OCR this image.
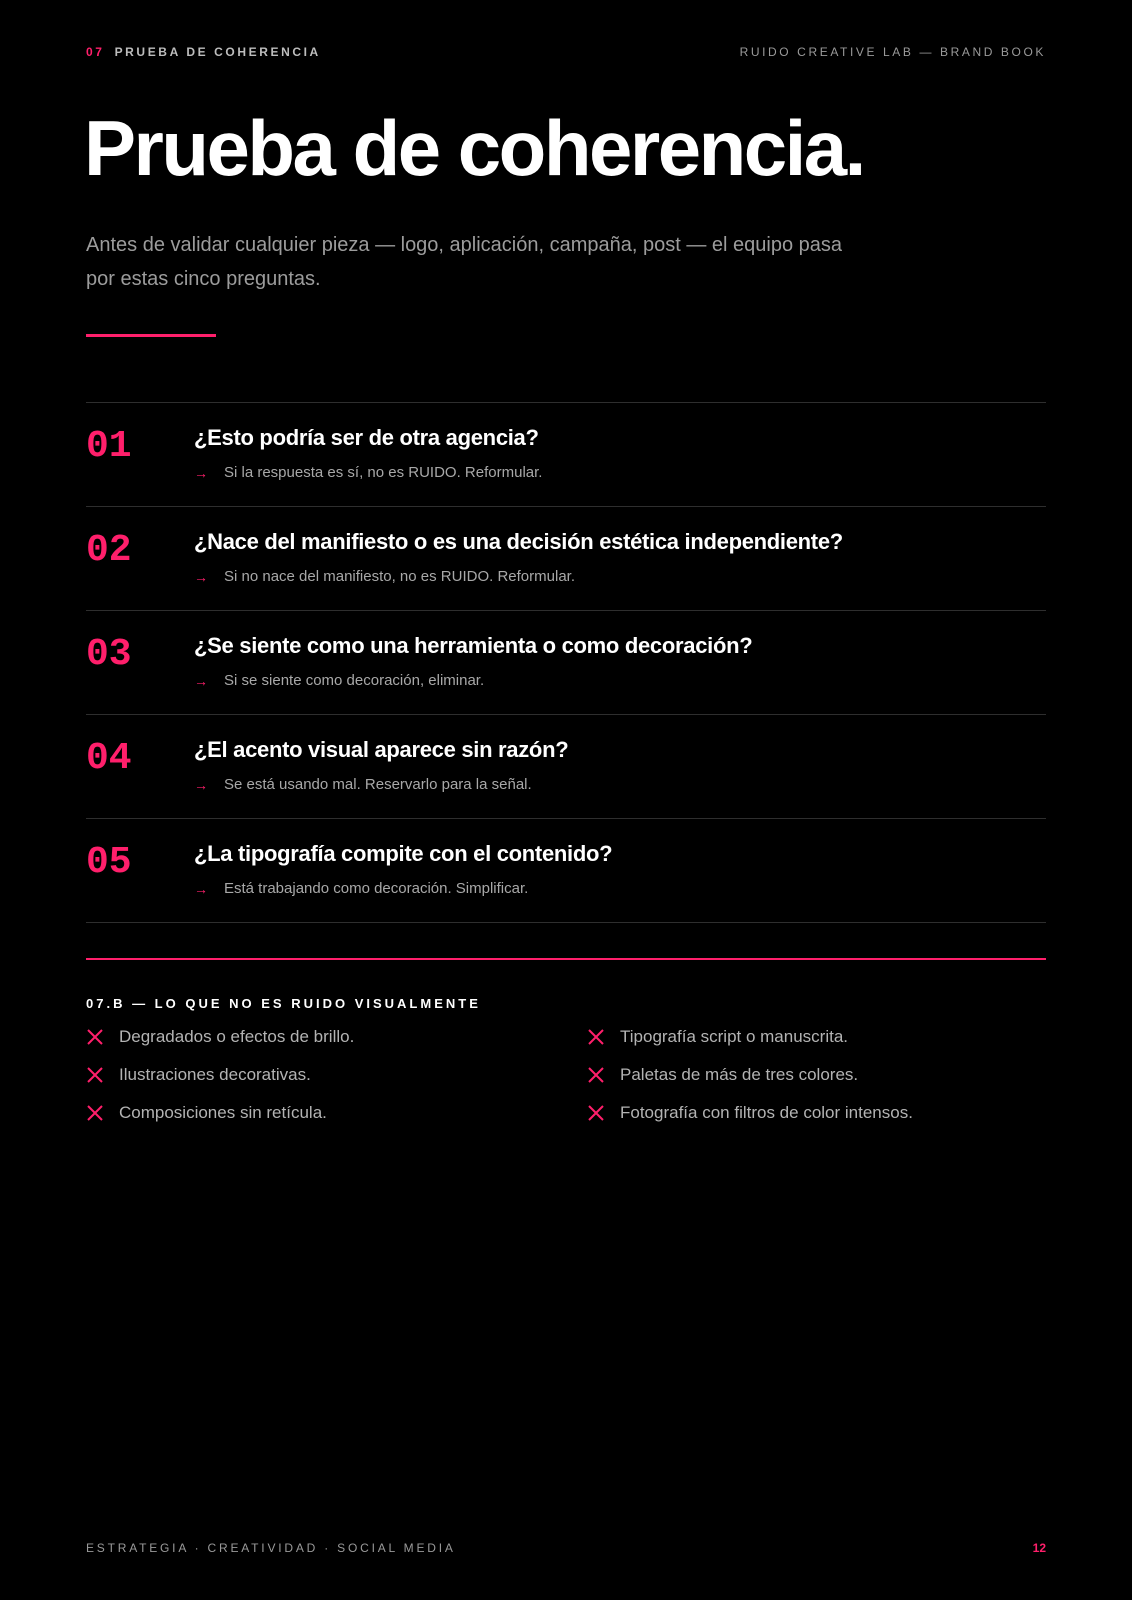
07 PRUEBA DE COHERENCIA	RUIDO CREATIVE LAB — BRAND BOOK
Prueba de coherencia.

Antes de validar cualquier pieza — logo, aplicación, campaña, post — el equipo pasa por estas cinco preguntas.

01	¿Esto podría ser de otra agencia?
→	Si la respuesta es sí, no es RUIDO. Reformular.
02	¿Nace del manifiesto o es una decisión estética independiente?
→	Si no nace del manifiesto, no es RUIDO. Reformular.
03	¿Se siente como una herramienta o como decoración?
→	Si se siente como decoración, eliminar.
04	¿El acento visual aparece sin razón?
→	Se está usando mal. Reservarlo para la señal.
05	¿La tipografía compite con el contenido?
→	Está trabajando como decoración. Simplificar.
07.B — LO QUE NO ES RUIDO VISUALMENTE
Degradados o efectos de brillo.
Ilustraciones decorativas.
Composiciones sin retícula.
Tipografía script o manuscrita.
Paletas de más de tres colores.
Fotografía con filtros de color intensos.
ESTRATEGIA · CREATIVIDAD · SOCIAL MEDIA	12
